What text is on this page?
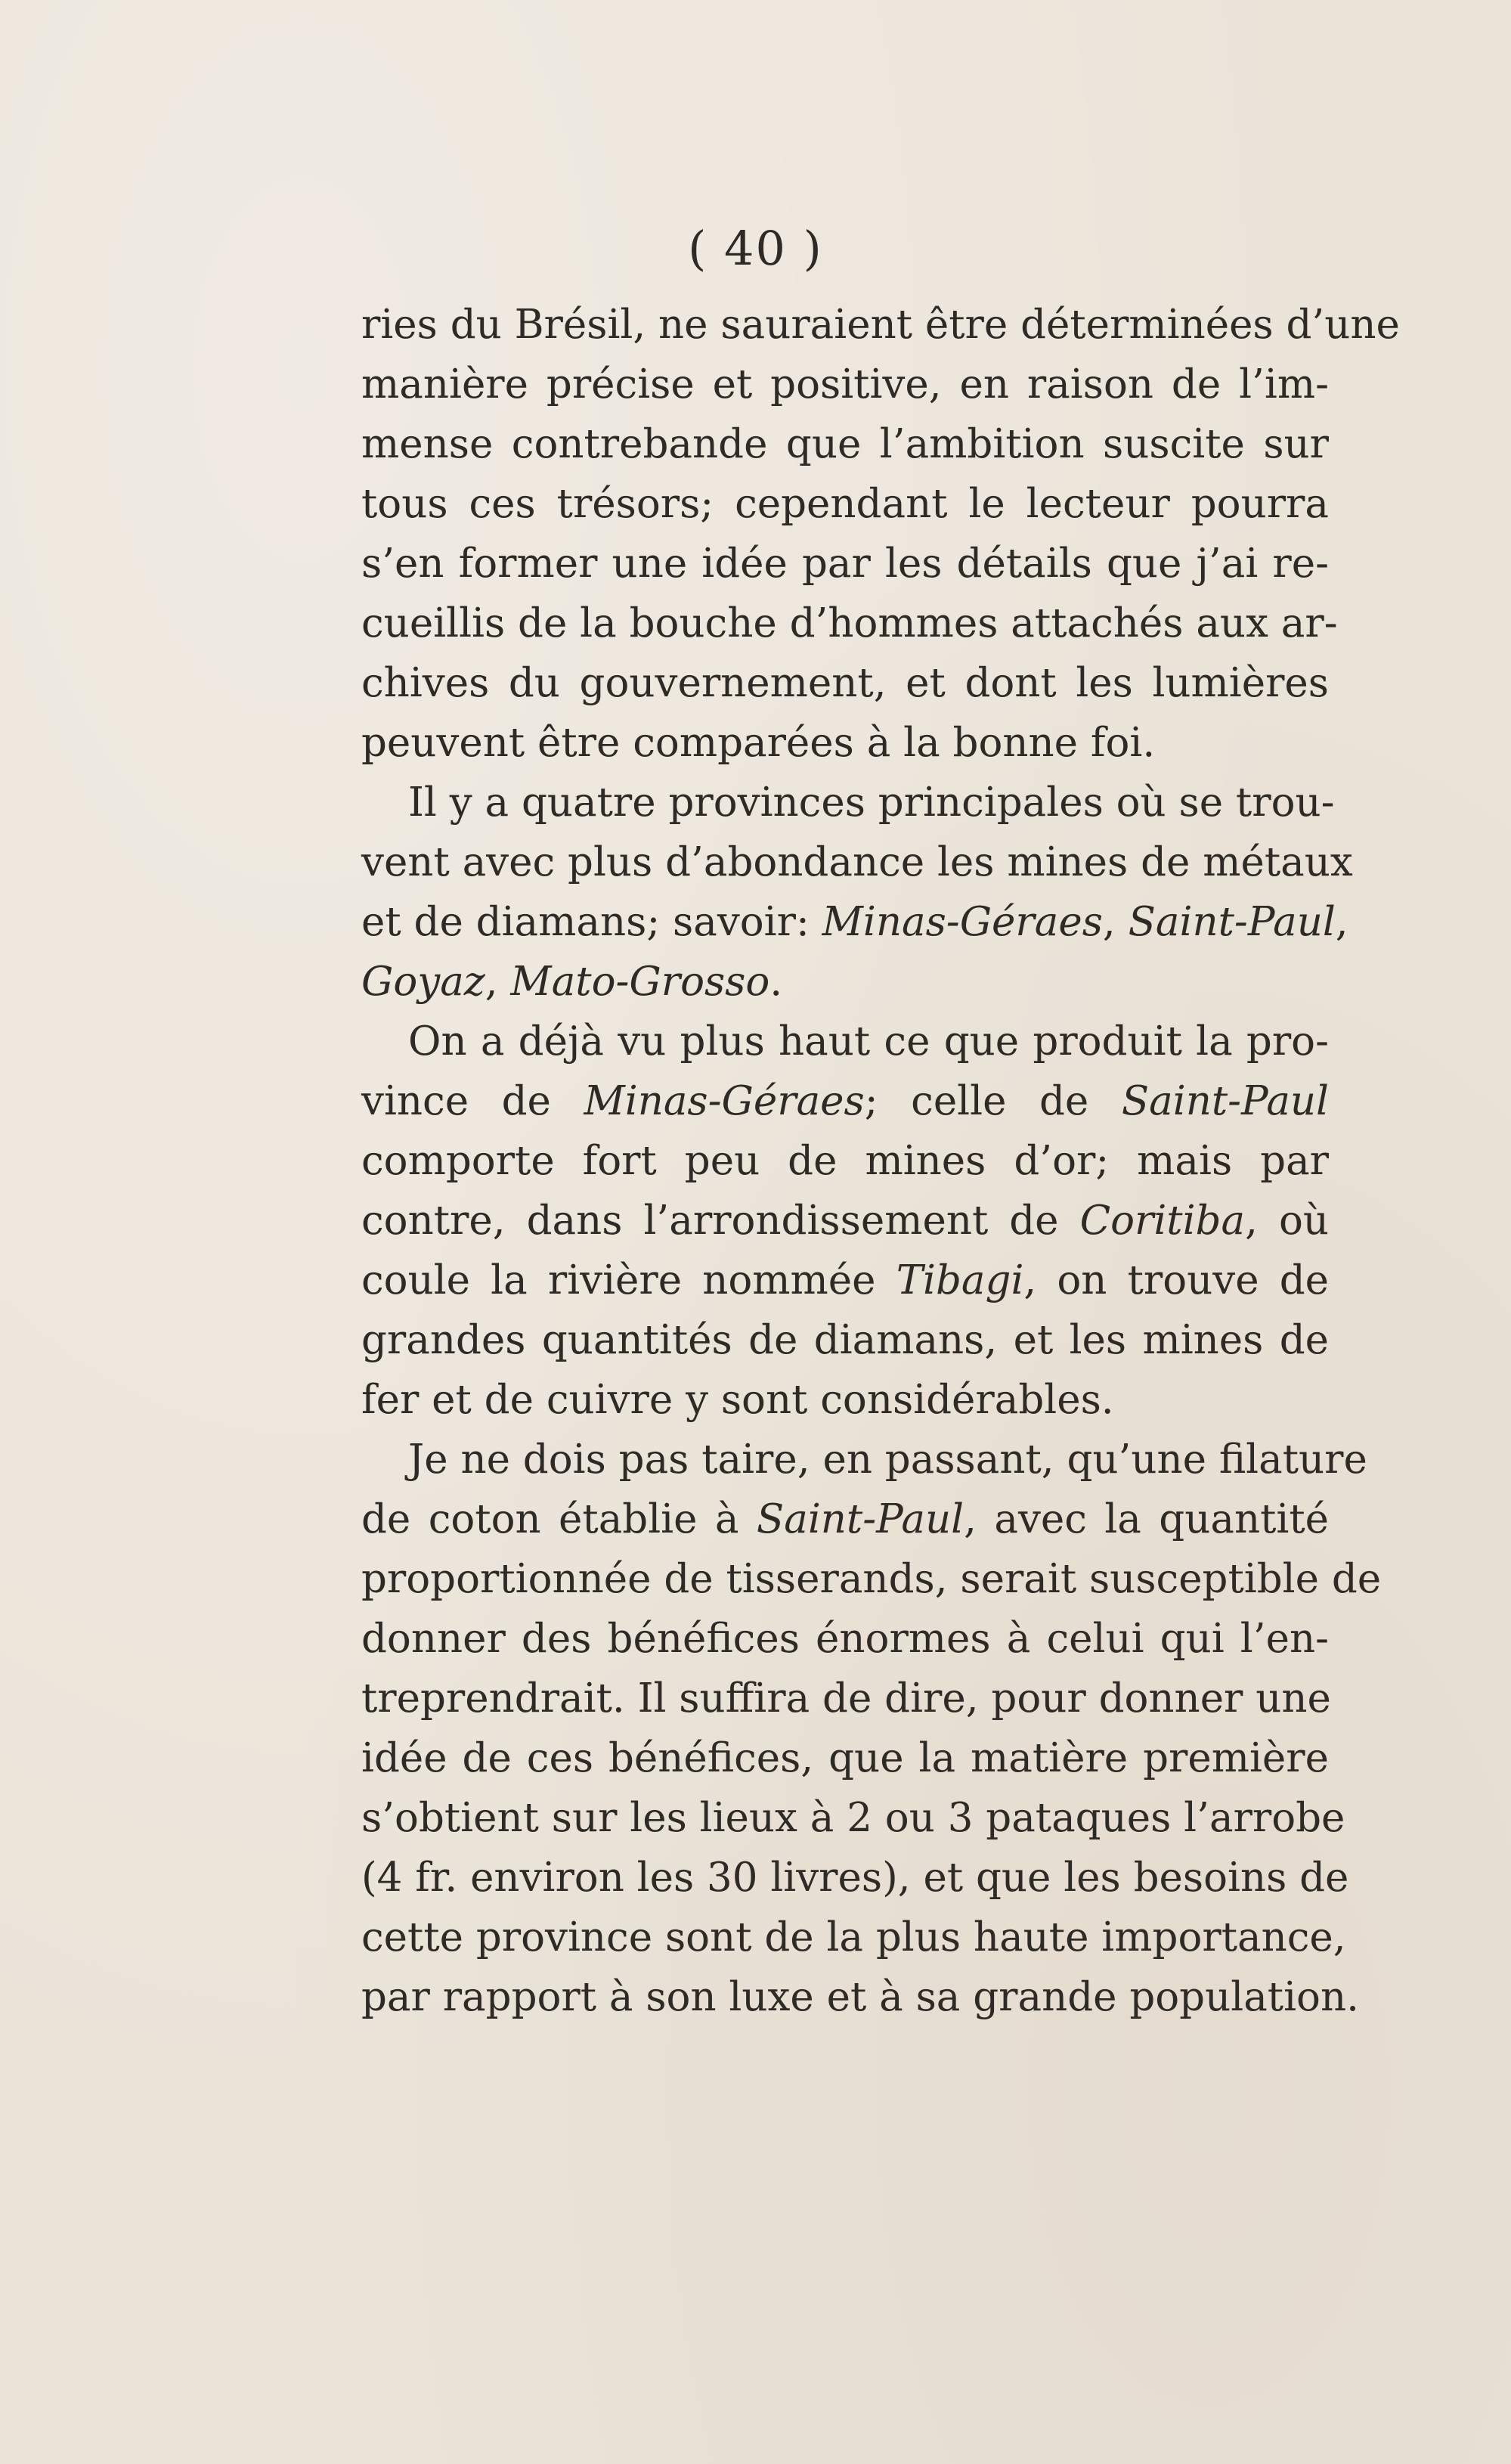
( 40 )
ries du Brésil, ne sauraient être déterminées d’une
manière précise et positive, en raison de l’im-
mense contrebande que l’ambition suscite sur
tous ces trésors; cependant le lecteur pourra
s’en former une idée par les détails que j’ai re-
cueillis de la bouche d’hommes attachés aux ar-
chives du gouvernement, et dont les lumières
peuvent être comparées à la bonne foi.
Il y a quatre provinces principales où se trou-
vent avec plus d’abondance les mines de métaux
et de diamans; savoir: Minas-Géraes, Saint-Paul,
Goyaz, Mato-Grosso.
On a déjà vu plus haut ce que produit la pro-
vince de Minas-Géraes; celle de Saint-Paul
comporte fort peu de mines d’or; mais par
contre, dans l’arrondissement de Coritiba, où
coule la rivière nommée Tibagi, on trouve de
grandes quantités de diamans, et les mines de
fer et de cuivre y sont considérables.
Je ne dois pas taire, en passant, qu’une filature
de coton établie à Saint-Paul, avec la quantité
proportionnée de tisserands, serait susceptible de
donner des bénéfices énormes à celui qui l’en-
treprendrait. Il suffira de dire, pour donner une
idée de ces bénéfices, que la matière première
s’obtient sur les lieux à 2 ou 3 pataques l’arrobe
(4 fr. environ les 30 livres), et que les besoins de
cette province sont de la plus haute importance,
par rapport à son luxe et à sa grande population.
